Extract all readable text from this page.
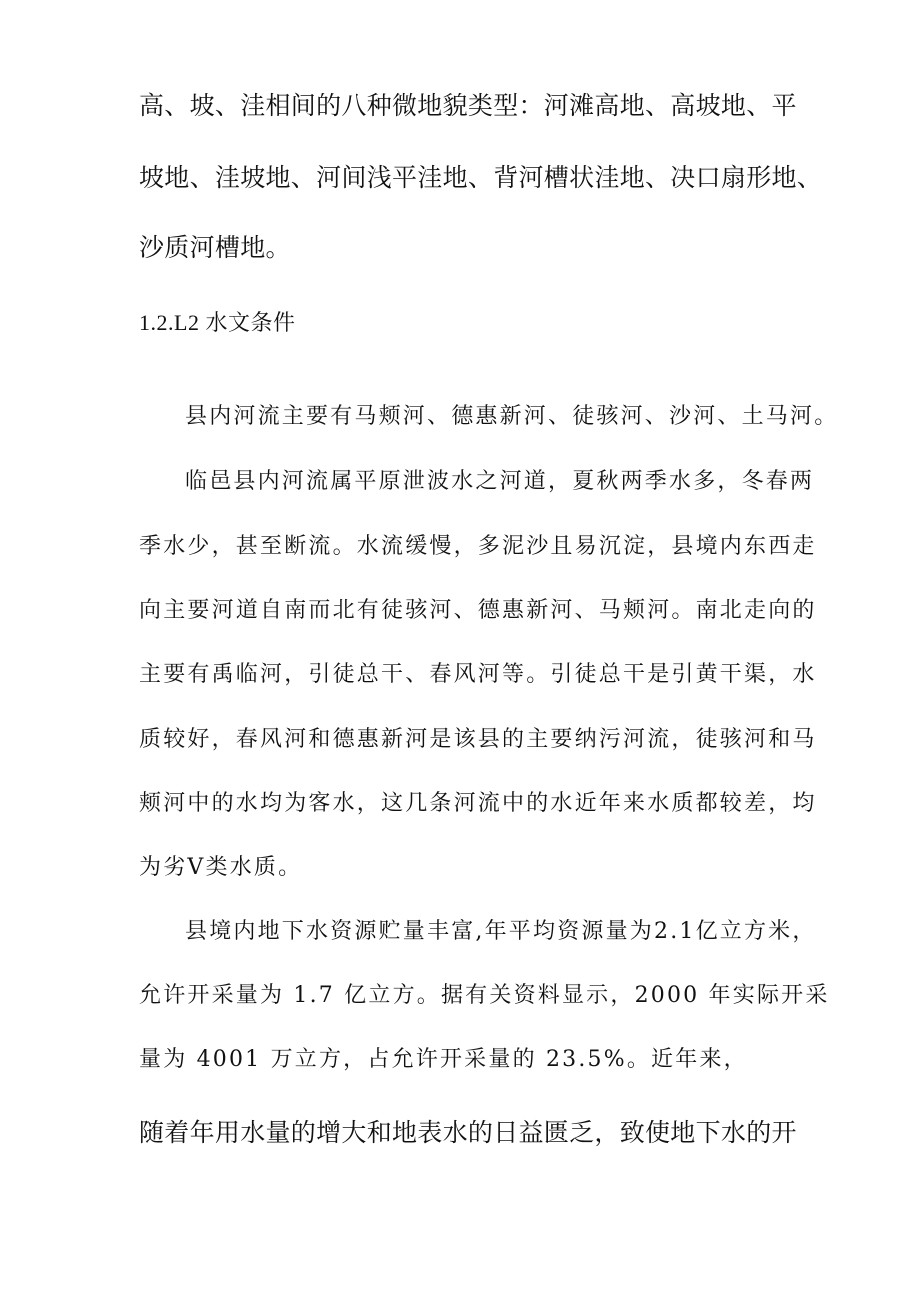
高、坡、洼相间的八种微地貌类型：河滩高地、高坡地、平
坡地、洼坡地、河间浅平洼地、背河槽状洼地、决口扇形地、
沙质河槽地。
1.2.L2 水文条件
县内河流主要有马颊河、德惠新河、徒骇河、沙河、土马河。
临邑县内河流属平原泄波水之河道，夏秋两季水多，冬春两
季水少，甚至断流。水流缓慢，多泥沙且易沉淀，县境内东西走
向主要河道自南而北有徒骇河、德惠新河、马颊河。南北走向的
主要有禹临河，引徒总干、春风河等。引徒总干是引黄干渠，水
质较好，春风河和德惠新河是该县的主要纳污河流，徒骇河和马
颊河中的水均为客水，这几条河流中的水近年来水质都较差，均
为劣Ⅴ类水质。
县境内地下水资源贮量丰富,年平均资源量为2.1亿立方米，
允许开采量为 1.7 亿立方。据有关资料显示，2000 年实际开采
量为 4001 万立方，占允许开采量的 23.5%。近年来，
随着年用水量的增大和地表水的日益匮乏，致使地下水的开
